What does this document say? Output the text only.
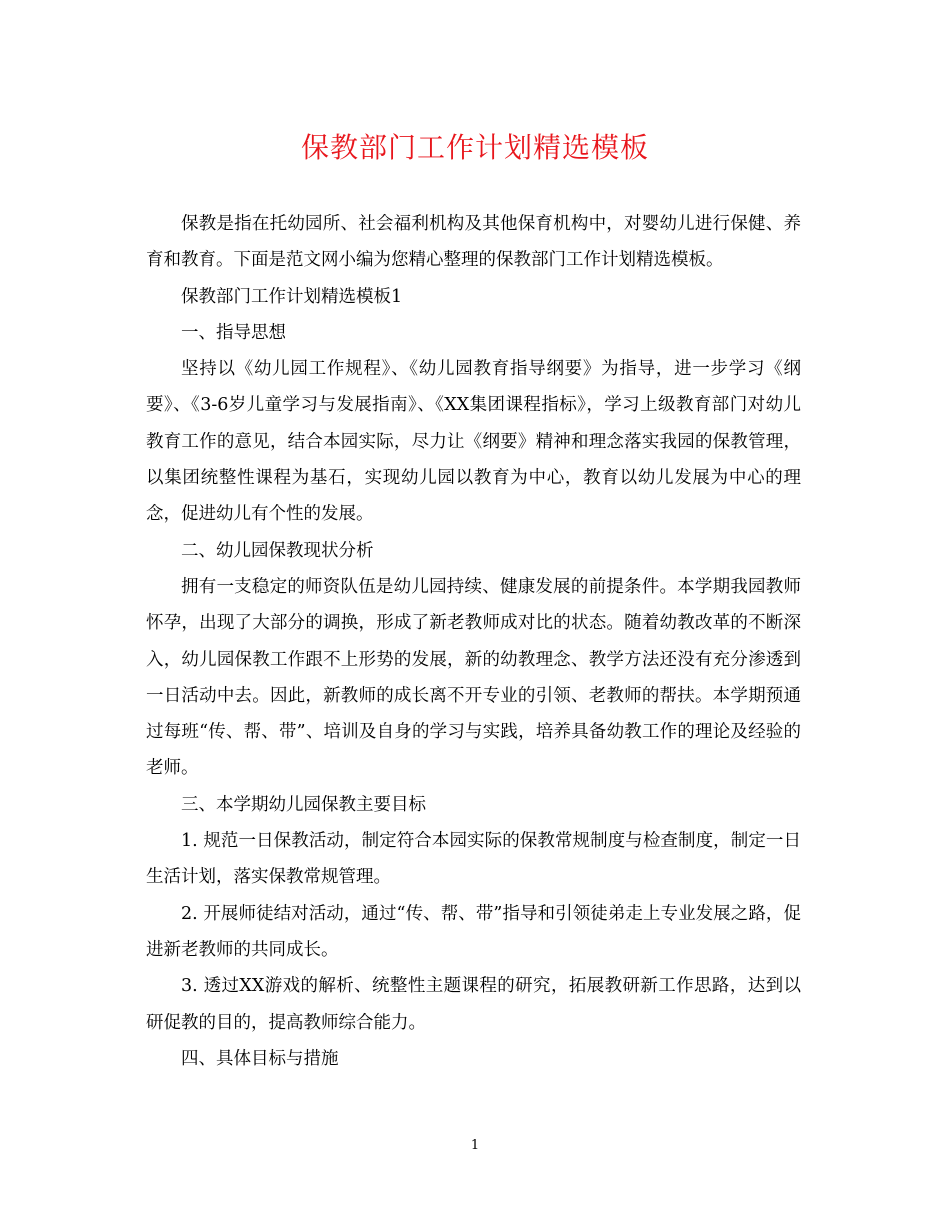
保教部门工作计划精选模板

保教是指在托幼园所、社会福利机构及其他保育机构中，对婴幼儿进行保健、养育和教育。下面是范文网小编为您精心整理的保教部门工作计划精选模板。

保教部门工作计划精选模板1

一、指导思想

坚持以《幼儿园工作规程》、《幼儿园教育指导纲要》为指导，进一步学习《纲要》、《3-6岁儿童学习与发展指南》、《XX集团课程指标》，学习上级教育部门对幼儿教育工作的意见，结合本园实际，尽力让《纲要》精神和理念落实我园的保教管理，以集团统整性课程为基石，实现幼儿园以教育为中心，教育以幼儿发展为中心的理念，促进幼儿有个性的发展。

二、幼儿园保教现状分析

拥有一支稳定的师资队伍是幼儿园持续、健康发展的前提条件。本学期我园教师怀孕，出现了大部分的调换，形成了新老教师成对比的状态。随着幼教改革的不断深入，幼儿园保教工作跟不上形势的发展，新的幼教理念、教学方法还没有充分渗透到一日活动中去。因此，新教师的成长离不开专业的引领、老教师的帮扶。本学期预通过每班“传、帮、带”、培训及自身的学习与实践，培养具备幼教工作的理论及经验的老师。

三、本学期幼儿园保教主要目标

1. 规范一日保教活动，制定符合本园实际的保教常规制度与检查制度，制定一日生活计划，落实保教常规管理。

2. 开展师徒结对活动，通过“传、帮、带”指导和引领徒弟走上专业发展之路，促进新老教师的共同成长。

3. 透过XX游戏的解析、统整性主题课程的研究，拓展教研新工作思路，达到以研促教的目的，提高教师综合能力。

四、具体目标与措施

1
